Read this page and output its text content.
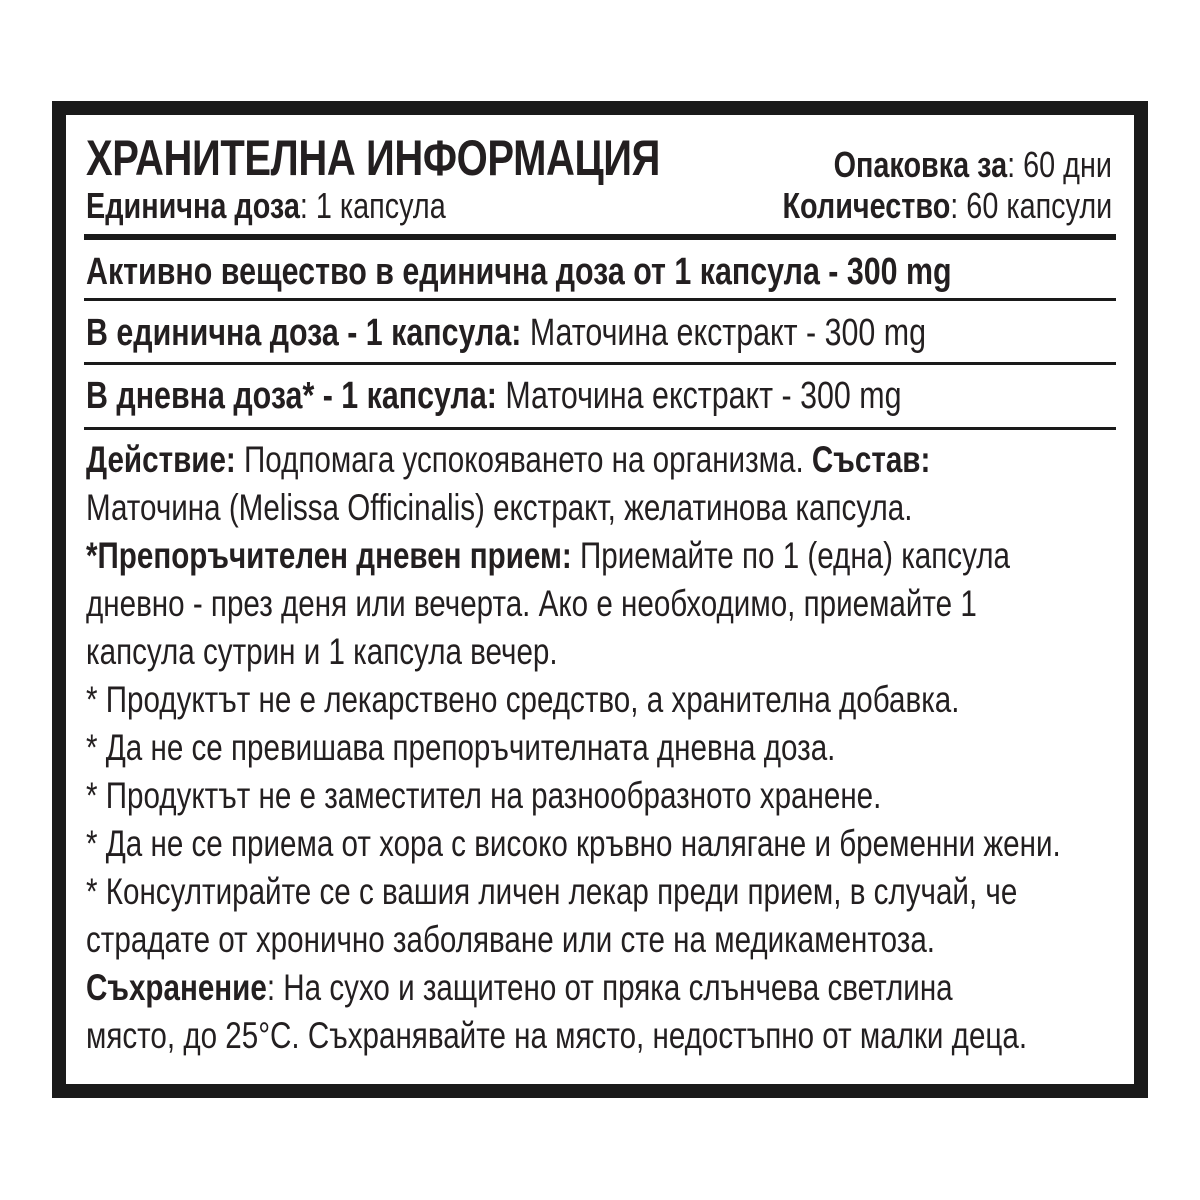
ХРАНИТЕЛНА ИНФОРМАЦИЯ	Опаковка за: 60 дни
Единична доза: 1 капсула	Количество: 60 капсули
Активно вещество в единична доза от 1 капсула - 300 mg
В единична доза - 1 капсула: Маточина екстракт - 300 mg
В дневна доза* - 1 капсула: Маточина екстракт - 300 mg
Действие: Подпомага успокояването на организма. Състав:
Маточина (Melissa Officinalis) екстракт, желатинова капсула.
*Препоръчителен дневен прием: Приемайте по 1 (една) капсула
дневно - през деня или вечерта. Ако е необходимо, приемайте 1
капсула сутрин и 1 капсула вечер.
* Продуктът не е лекарствено средство, а хранителна добавка.
* Да не се превишава препоръчителната дневна доза.
* Продуктът не е заместител на разнообразното хранене.
* Да не се приема от хора с високо кръвно налягане и бременни жени.
* Консултирайте се с вашия личен лекар преди прием, в случай, че
страдате от хронично заболяване или сте на медикаментоза.
Съхранение: На сухо и защитено от пряка слънчева светлина
място, до 25°C. Съхранявайте на място, недостъпно от малки деца.
